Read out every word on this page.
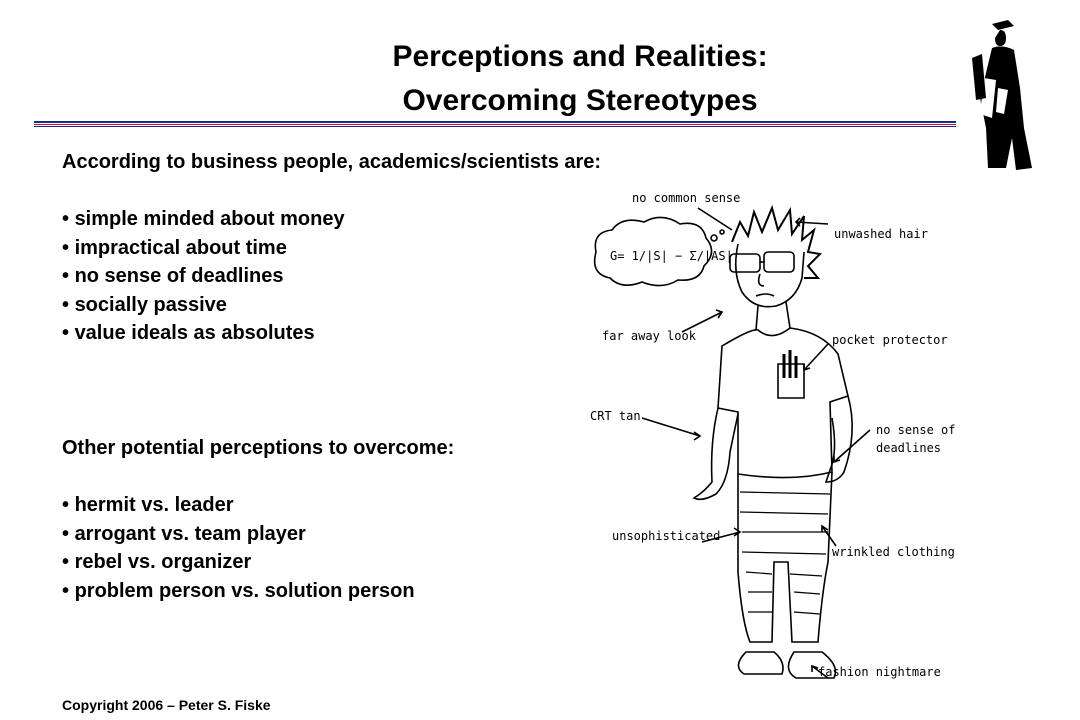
Perceptions and Realities:
Overcoming Stereotypes
According to business people, academics/scientists are:
• simple minded about money
• impractical about time
• no sense of deadlines
• socially passive
• value ideals as absolutes
Other potential perceptions to overcome:
• hermit vs. leader
• arrogant vs. team player
• rebel vs. organizer
• problem person vs. solution person
G= 1/|S| − Σ/|AS|
no common sense
unwashed hair
far away look	pocket protector
CRT tan
no sense of
deadlines
unsophisticated
wrinkled clothing
fashion nightmare
Copyright 2006 – Peter S. Fiske
